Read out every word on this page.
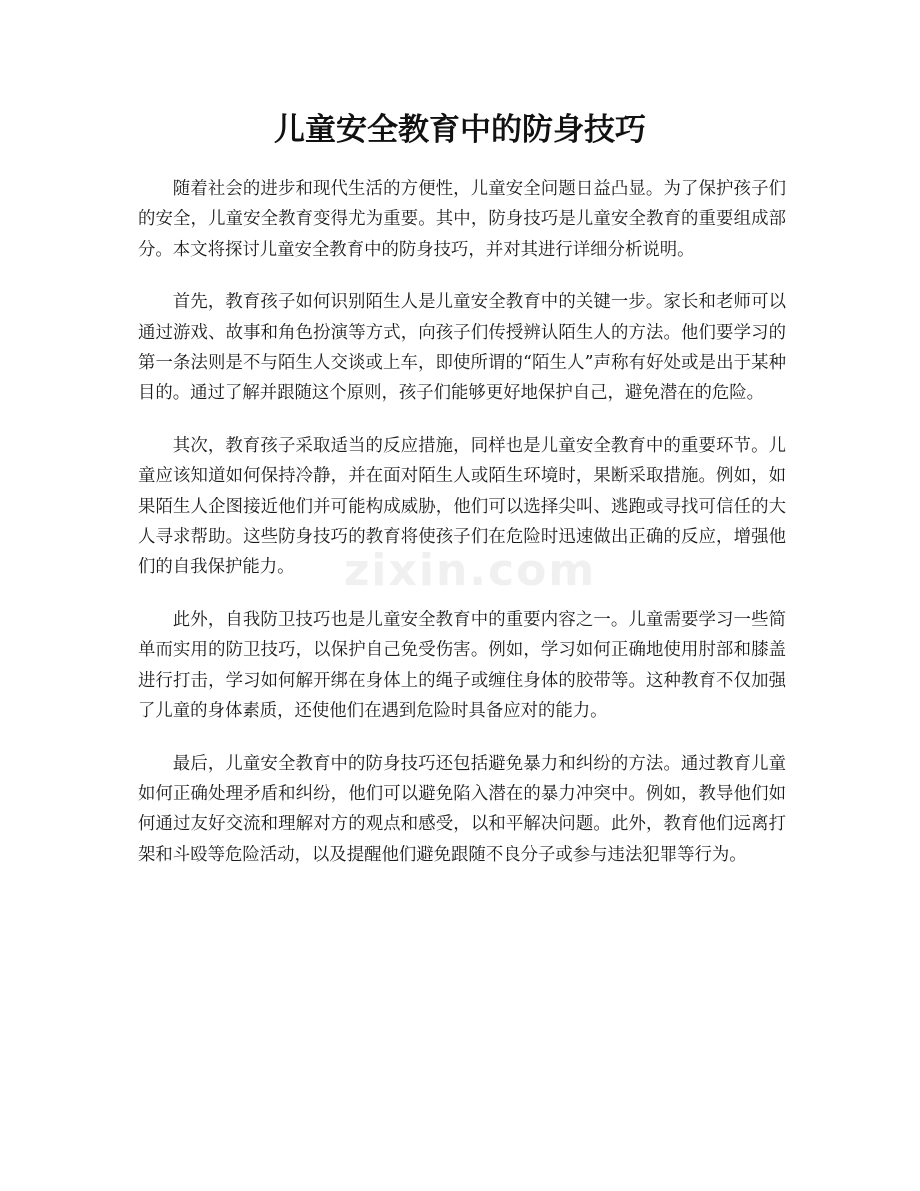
儿童安全教育中的防身技巧
zixin.com

随着社会的进步和现代生活的方便性，儿童安全问题日益凸显。为了保护孩子们的安全，儿童安全教育变得尤为重要。其中，防身技巧是儿童安全教育的重要组成部分。本文将探讨儿童安全教育中的防身技巧，并对其进行详细分析说明。

首先，教育孩子如何识别陌生人是儿童安全教育中的关键一步。家长和老师可以通过游戏、故事和角色扮演等方式，向孩子们传授辨认陌生人的方法。他们要学习的第一条法则是不与陌生人交谈或上车，即使所谓的“陌生人”声称有好处或是出于某种目的。通过了解并跟随这个原则，孩子们能够更好地保护自己，避免潜在的危险。

其次，教育孩子采取适当的反应措施，同样也是儿童安全教育中的重要环节。儿童应该知道如何保持冷静，并在面对陌生人或陌生环境时，果断采取措施。例如，如果陌生人企图接近他们并可能构成威胁，他们可以选择尖叫、逃跑或寻找可信任的大人寻求帮助。这些防身技巧的教育将使孩子们在危险时迅速做出正确的反应，增强他们的自我保护能力。

此外，自我防卫技巧也是儿童安全教育中的重要内容之一。儿童需要学习一些简单而实用的防卫技巧，以保护自己免受伤害。例如，学习如何正确地使用肘部和膝盖进行打击，学习如何解开绑在身体上的绳子或缠住身体的胶带等。这种教育不仅加强了儿童的身体素质，还使他们在遇到危险时具备应对的能力。

最后，儿童安全教育中的防身技巧还包括避免暴力和纠纷的方法。通过教育儿童如何正确处理矛盾和纠纷，他们可以避免陷入潜在的暴力冲突中。例如，教导他们如何通过友好交流和理解对方的观点和感受，以和平解决问题。此外，教育他们远离打架和斗殴等危险活动，以及提醒他们避免跟随不良分子或参与违法犯罪等行为。
